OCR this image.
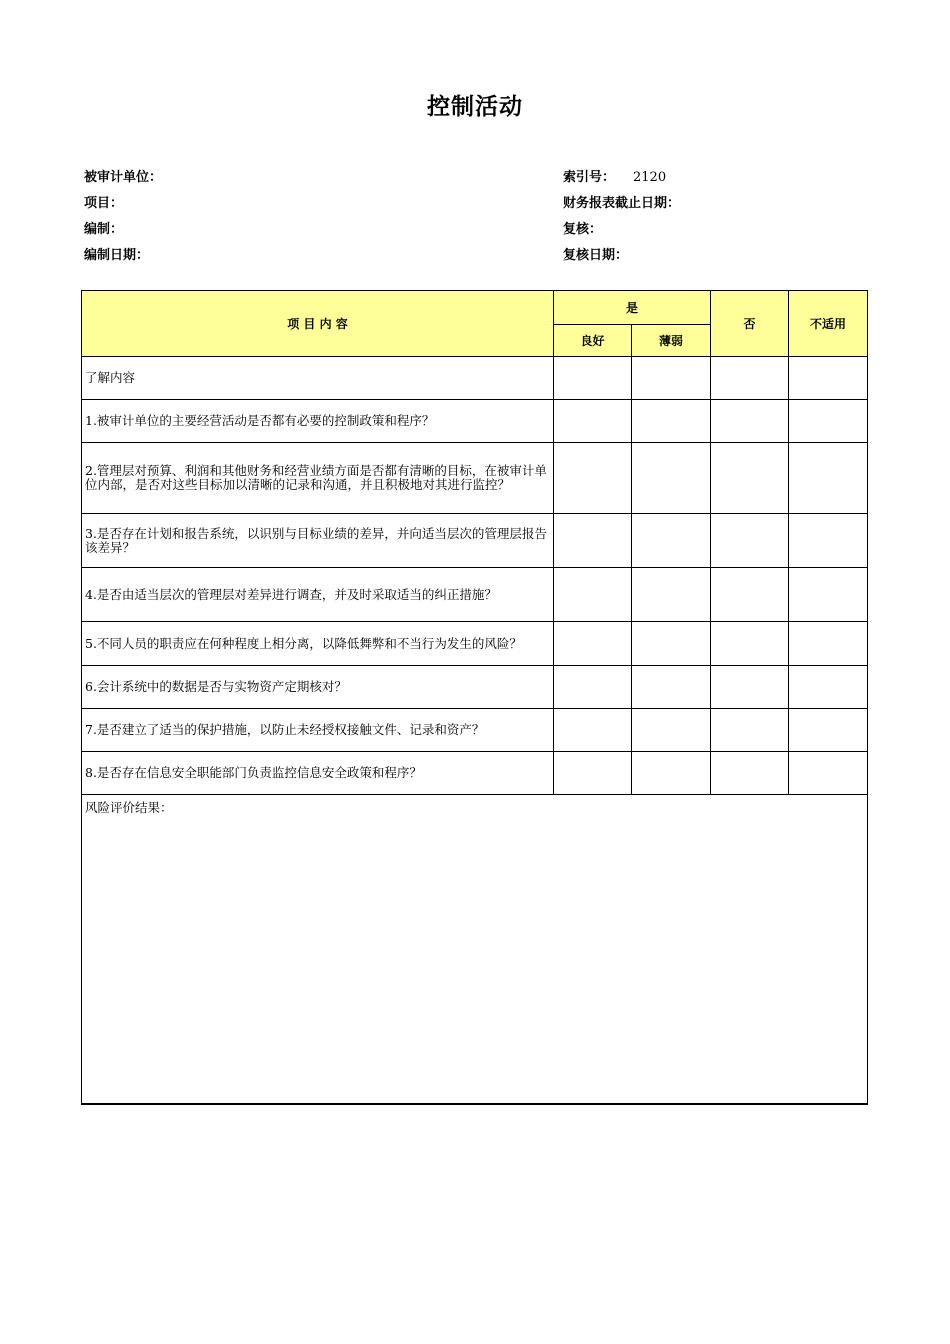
控制活动
被审计单位：
项目：
编制：
编制日期：
索引号： 2120
财务报表截止日期：
复核：
复核日期：
项 目 内 容	是		否	不适用
	良好	薄弱		
了解内容				
1.被审计单位的主要经营活动是否都有必要的控制政策和程序？				
2.管理层对预算、利润和其他财务和经营业绩方面是否都有清晰的目标，在被审计单位内部，是否对这些目标加以清晰的记录和沟通，并且积极地对其进行监控？				
3.是否存在计划和报告系统，以识别与目标业绩的差异，并向适当层次的管理层报告该差异？				
4.是否由适当层次的管理层对差异进行调查，并及时采取适当的纠正措施？				
5.不同人员的职责应在何种程度上相分离，以降低舞弊和不当行为发生的风险？				
6.会计系统中的数据是否与实物资产定期核对？				
7.是否建立了适当的保护措施，以防止未经授权接触文件、记录和资产？				
8.是否存在信息安全职能部门负责监控信息安全政策和程序？				
风险评价结果：				
